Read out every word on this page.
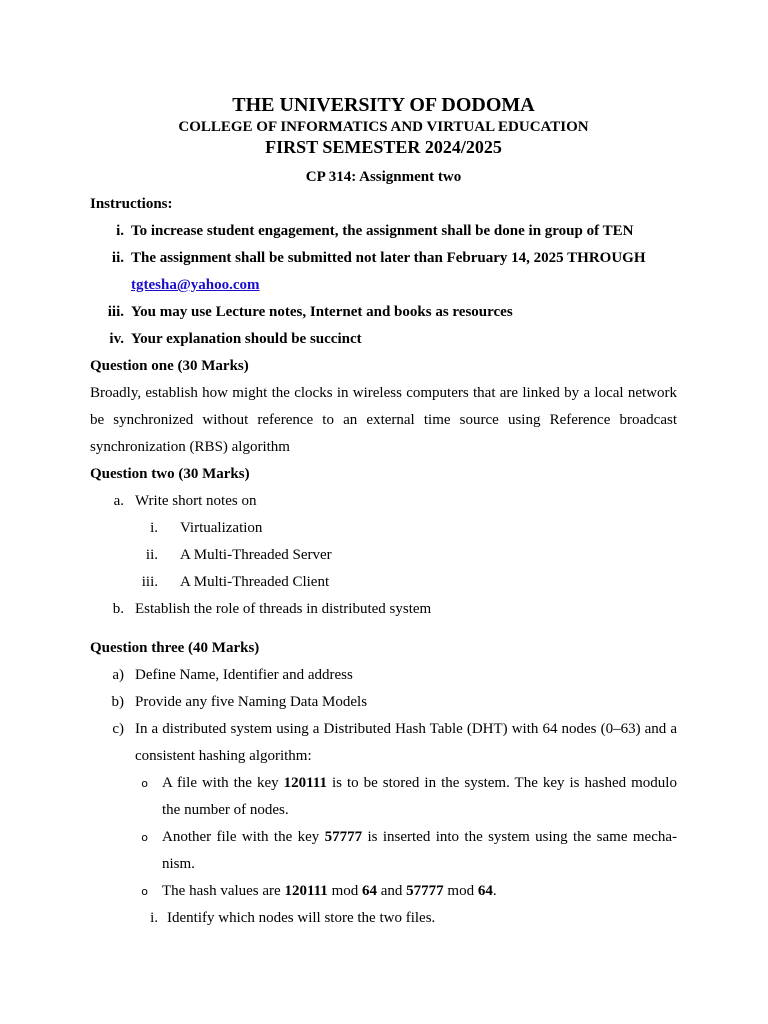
THE UNIVERSITY OF DODOMA
COLLEGE OF INFORMATICS AND VIRTUAL EDUCATION
FIRST SEMESTER 2024/2025
CP 314: Assignment two
Instructions:
i. To increase student engagement, the assignment shall be done in group of TEN
ii. The assignment shall be submitted not later than February 14, 2025 THROUGH
tgtesha@yahoo.com
iii. You may use Lecture notes, Internet and books as resources
iv. Your explanation should be succinct
Question one (30 Marks)
Broadly, establish how might the clocks in wireless computers that are linked by a local network be synchronized without reference to an external time source using Reference broadcast synchronization (RBS) algorithm
Question two (30 Marks)
a. Write short notes on
i.	Virtualization
ii.	A Multi-Threaded Server
iii.	A Multi-Threaded Client
b. Establish the role of threads in distributed system
Question three (40 Marks)
a) Define Name, Identifier and address
b) Provide any five Naming Data Models
c) In a distributed system using a Distributed Hash Table (DHT) with 64 nodes (0–63) and a consistent hashing algorithm:
o A file with the key 120111 is to be stored in the system. The key is hashed modulo the number of nodes.
o Another file with the key 57777 is inserted into the system using the same mecha-nism.
o The hash values are 120111 mod 64 and 57777 mod 64.
i. Identify which nodes will store the two files.
